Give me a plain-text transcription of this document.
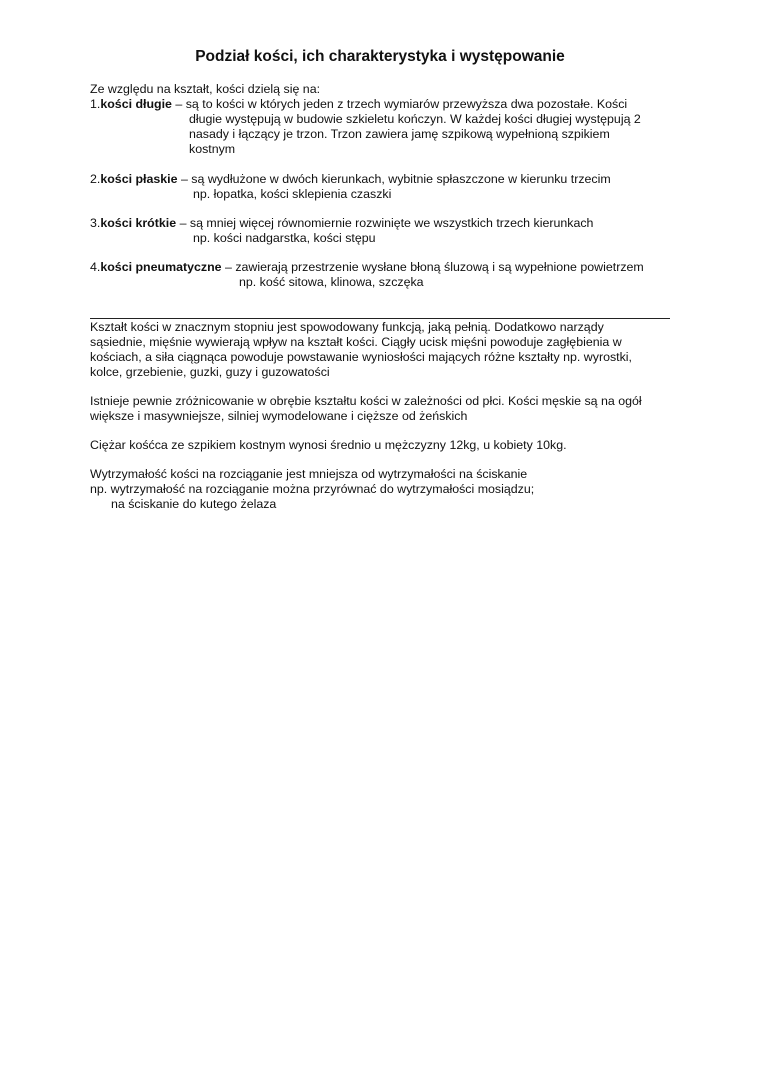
Podział kości, ich charakterystyka i występowanie
Ze względu na kształt, kości dzielą się na:
1.kości długie – są to kości w których jeden z trzech wymiarów przewyższa dwa pozostałe. Kości
długie występują w budowie szkieletu kończyn. W każdej kości długiej występują 2
nasady i łączący je trzon. Trzon zawiera jamę szpikową wypełnioną szpikiem
kostnym
2.kości płaskie – są wydłużone w dwóch kierunkach, wybitnie spłaszczone w kierunku trzecim
np. łopatka, kości sklepienia czaszki
3.kości krótkie – są mniej więcej równomiernie rozwinięte we wszystkich trzech kierunkach
np. kości nadgarstka, kości stępu
4.kości pneumatyczne – zawierają przestrzenie wysłane błoną śluzową i są wypełnione powietrzem
np. kość sitowa, klinowa, szczęka
Kształt kości w znacznym stopniu jest spowodowany funkcją, jaką pełnią. Dodatkowo narządy
sąsiednie, mięśnie wywierają wpływ na kształt kości. Ciągły ucisk mięśni powoduje zagłębienia w
kościach, a siła ciągnąca powoduje powstawanie wyniosłości mających różne kształty np. wyrostki,
kolce, grzebienie, guzki, guzy i guzowatości
Istnieje pewnie zróżnicowanie w obrębie kształtu kości w zależności od płci. Kości męskie są na ogół
większe i masywniejsze, silniej wymodelowane i cięższe od żeńskich
Ciężar kośćca ze szpikiem kostnym wynosi średnio u mężczyzny 12kg, u kobiety 10kg.
Wytrzymałość kości na rozciąganie jest mniejsza od wytrzymałości na ściskanie
np. wytrzymałość na rozciąganie można przyrównać do wytrzymałości mosiądzu;
na ściskanie do kutego żelaza
